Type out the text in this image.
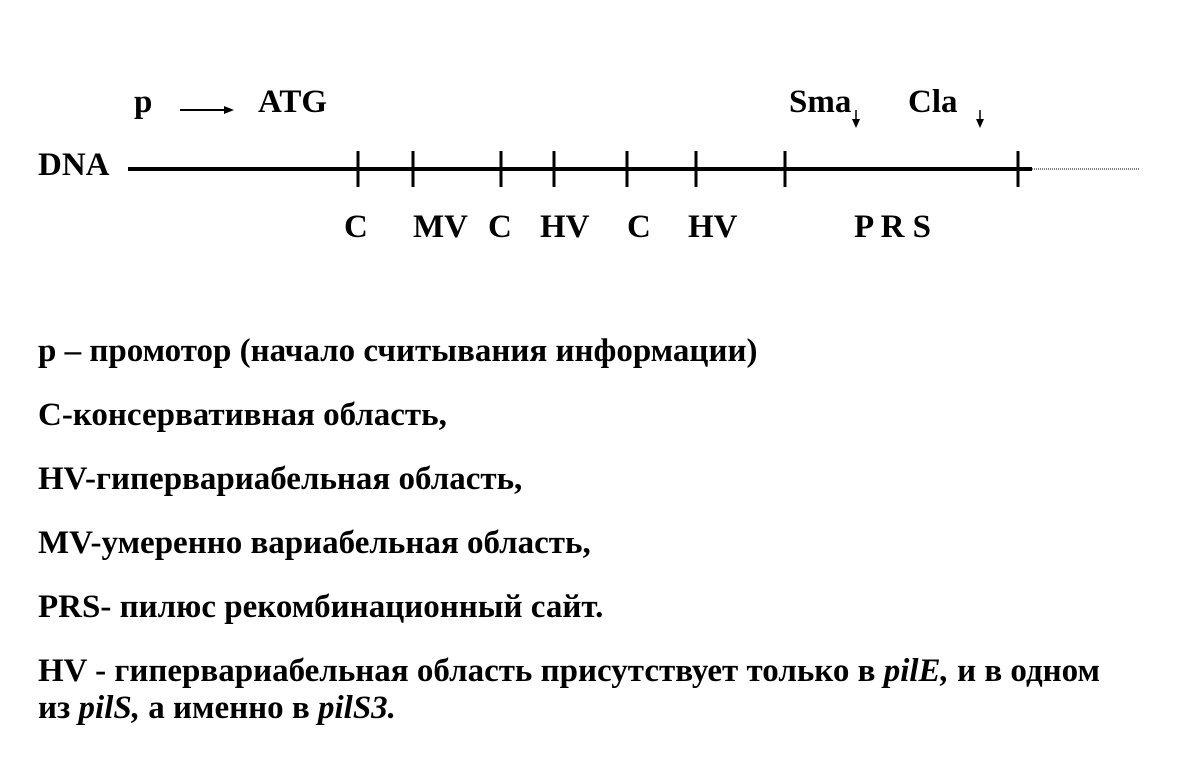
p	ATG	Sma Cla
DNA
C MV C HV C HV	P R S

p – промотор (начало считывания информации)

C-консервативная область,

HV-гипервариабельная область,

MV-умеренно вариабельная область,

PRS- пилюс рекомбинационный сайт.

HV - гипервариабельная область присутствует только в pilE, и в одном
из pilS, а именно в pilS3.
